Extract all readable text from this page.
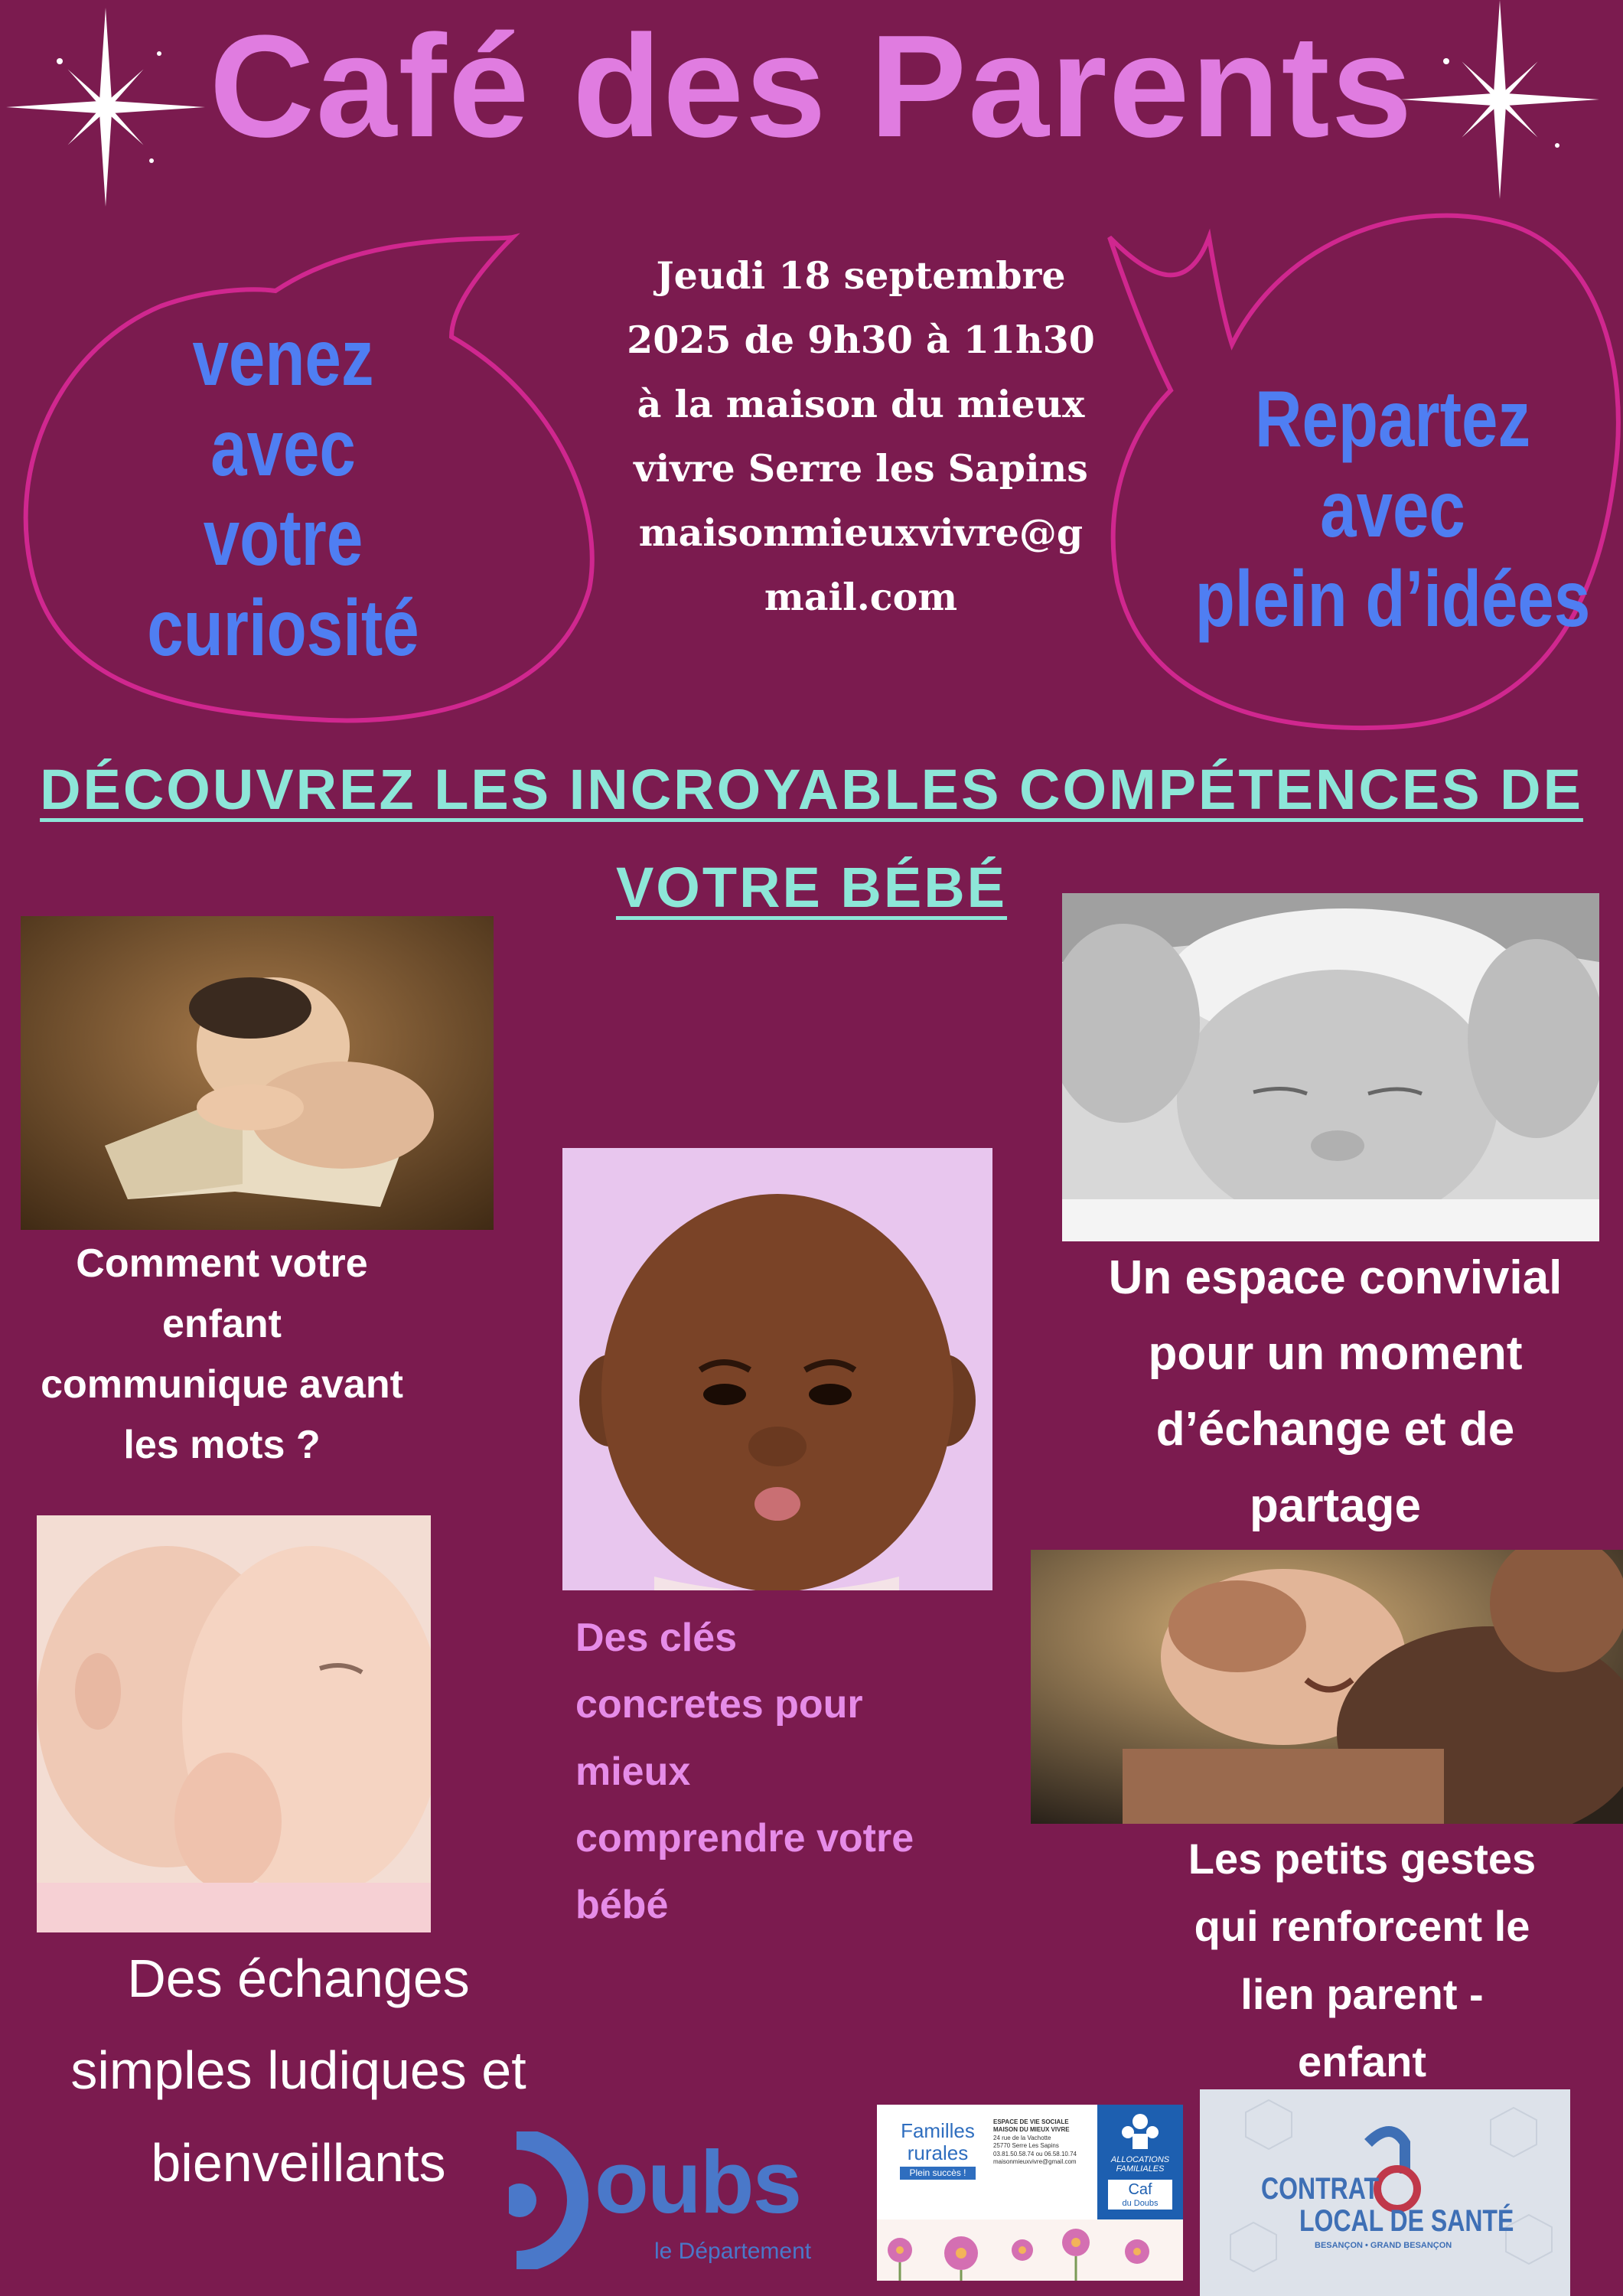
Café des Parents
venez avec
votre
curiosité
Repartez avec
plein d’idées
Jeudi 18 septembre
2025 de 9h30 à 11h30
à la maison du mieux
vivre Serre les Sapins
maisonmieuxvivre@g
mail.com
DÉCOUVREZ LES INCROYABLES COMPÉTENCES DE
VOTRE BÉBÉ
Comment votre
enfant
communique avant
les mots ?
Un espace convivial
pour un moment
d’échange et de
partage
Des clés
concretes pour
mieux
comprendre votre
bébé
Des échanges
simples ludiques et
bienveillants
Les petits gestes
qui renforcent le
lien parent -
enfant
oubs
le Département
Familles
rurales
Plein succès !
ESPACE DE VIE SOCIALE
MAISON DU MIEUX VIVRE
24 rue de la Vachotte
25770 Serre Les Sapins
03.81.50.58.74 ou 06.58.10.74
maisonmieuxvivre@gmail.com	ALLOCATIONS
FAMILIALES
Caf
du Doubs	CONTRAT
LOCAL DE SANTÉ
BESANÇON • GRAND BESANÇON
